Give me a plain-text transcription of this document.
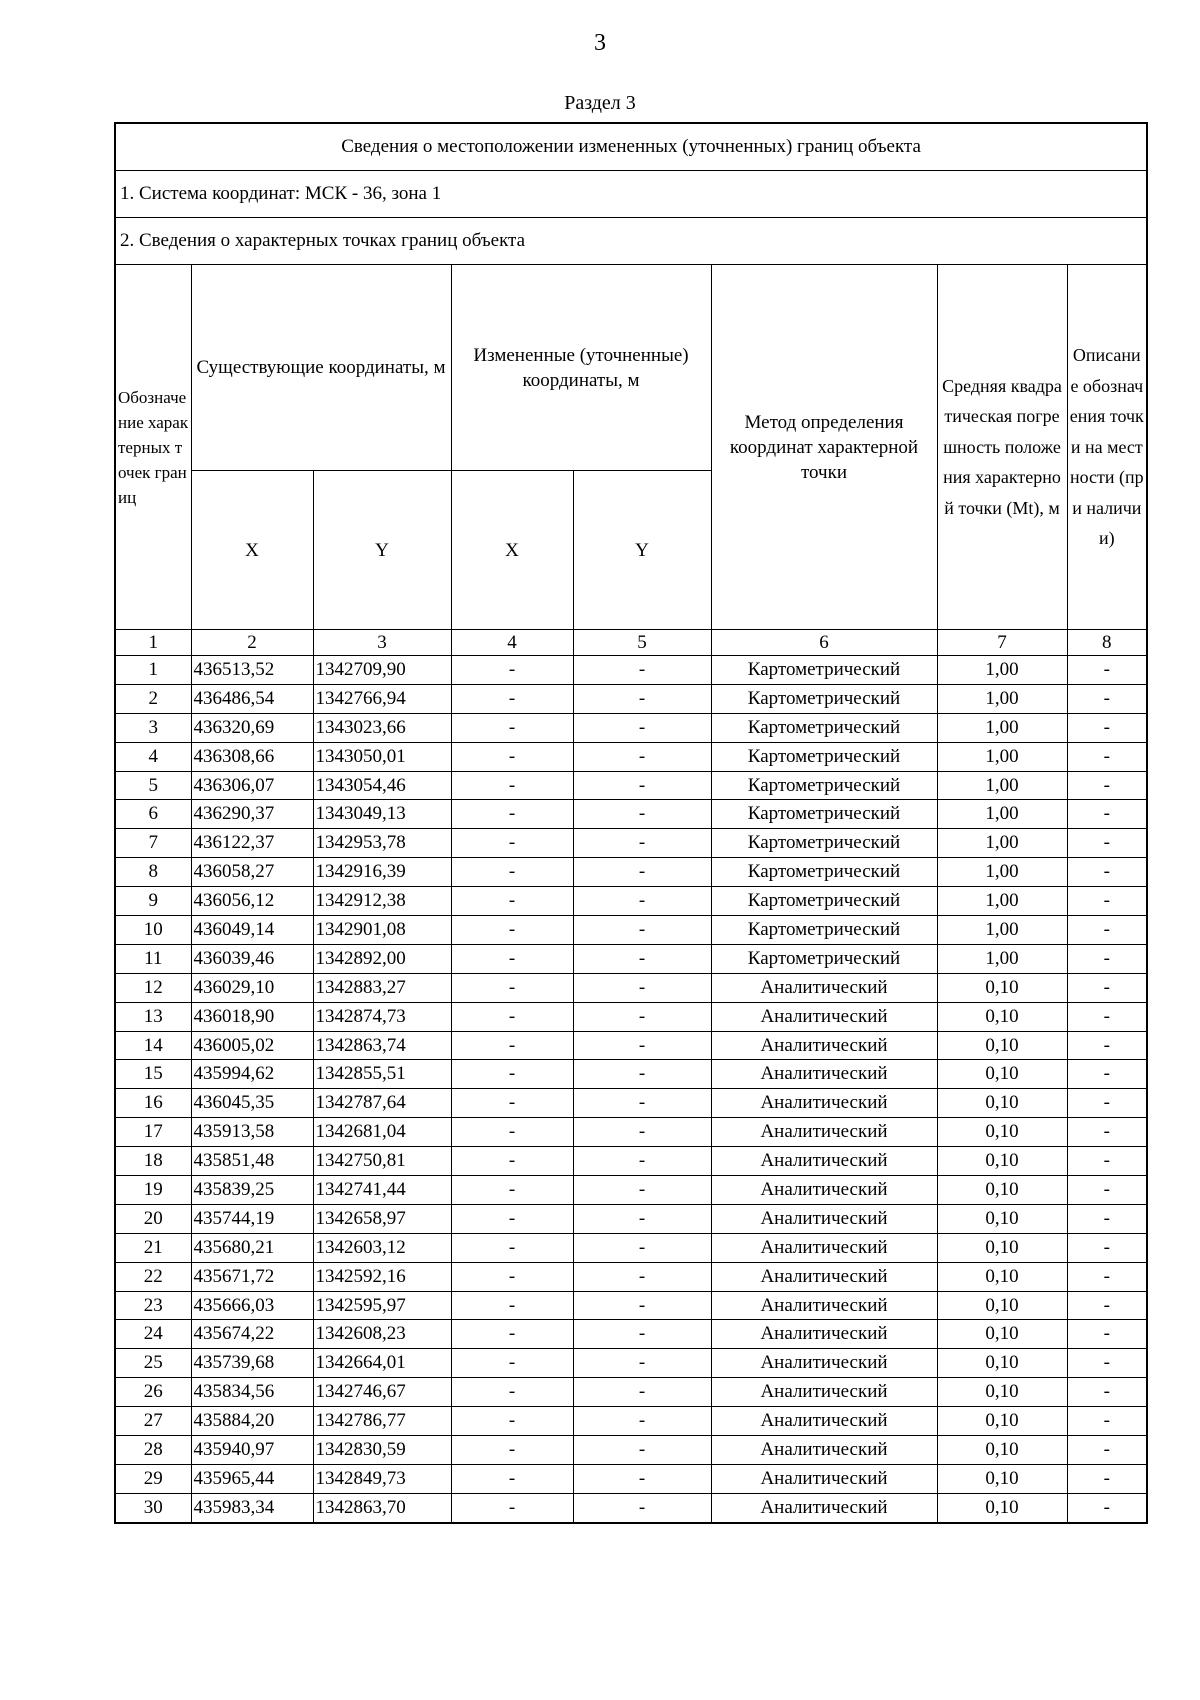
3
Раздел 3
Сведения о местоположении измененных (уточненных) границ объекта							
1. Система координат: МСК - 36, зона 1							
2. Сведения о характерных точках границ объекта							
Обозначение характерных точек границ	Существующие координаты, м		Измененные (уточненные) координаты, м		Метод определения координат характерной точки	Средняя квадратическая погрешность положения характерной точки (Mt), м	Описание обозначения точки на местности (при наличии)
	X	Y	X	Y			
1	2	3	4	5	6	7	8
1	436513,52	1342709,90	-	-	Картометрический	1,00	-
2	436486,54	1342766,94	-	-	Картометрический	1,00	-
3	436320,69	1343023,66	-	-	Картометрический	1,00	-
4	436308,66	1343050,01	-	-	Картометрический	1,00	-
5	436306,07	1343054,46	-	-	Картометрический	1,00	-
6	436290,37	1343049,13	-	-	Картометрический	1,00	-
7	436122,37	1342953,78	-	-	Картометрический	1,00	-
8	436058,27	1342916,39	-	-	Картометрический	1,00	-
9	436056,12	1342912,38	-	-	Картометрический	1,00	-
10	436049,14	1342901,08	-	-	Картометрический	1,00	-
11	436039,46	1342892,00	-	-	Картометрический	1,00	-
12	436029,10	1342883,27	-	-	Аналитический	0,10	-
13	436018,90	1342874,73	-	-	Аналитический	0,10	-
14	436005,02	1342863,74	-	-	Аналитический	0,10	-
15	435994,62	1342855,51	-	-	Аналитический	0,10	-
16	436045,35	1342787,64	-	-	Аналитический	0,10	-
17	435913,58	1342681,04	-	-	Аналитический	0,10	-
18	435851,48	1342750,81	-	-	Аналитический	0,10	-
19	435839,25	1342741,44	-	-	Аналитический	0,10	-
20	435744,19	1342658,97	-	-	Аналитический	0,10	-
21	435680,21	1342603,12	-	-	Аналитический	0,10	-
22	435671,72	1342592,16	-	-	Аналитический	0,10	-
23	435666,03	1342595,97	-	-	Аналитический	0,10	-
24	435674,22	1342608,23	-	-	Аналитический	0,10	-
25	435739,68	1342664,01	-	-	Аналитический	0,10	-
26	435834,56	1342746,67	-	-	Аналитический	0,10	-
27	435884,20	1342786,77	-	-	Аналитический	0,10	-
28	435940,97	1342830,59	-	-	Аналитический	0,10	-
29	435965,44	1342849,73	-	-	Аналитический	0,10	-
30	435983,34	1342863,70	-	-	Аналитический	0,10	-
